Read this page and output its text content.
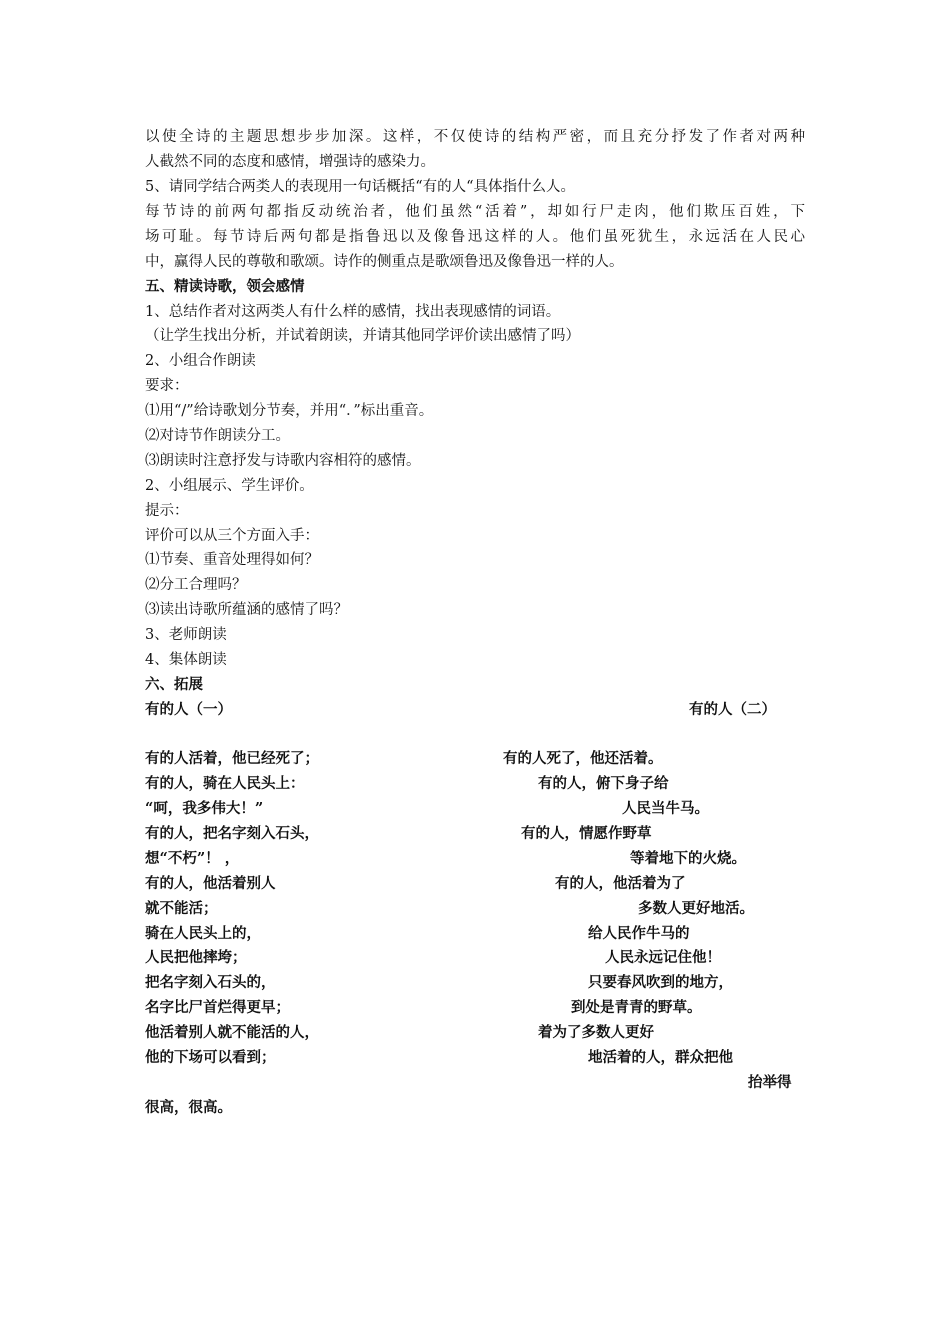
以使全诗的主题思想步步加深。这样，不仅使诗的结构严密，而且充分抒发了作者对两种
人截然不同的态度和感情，增强诗的感染力。
5、请同学结合两类人的表现用一句话概括“有的人“具体指什么人。
每节诗的前两句都指反动统治者，他们虽然“活着”，却如行尸走肉，他们欺压百姓，下
场可耻。每节诗后两句都是指鲁迅以及像鲁迅这样的人。他们虽死犹生，永远活在人民心
中，赢得人民的尊敬和歌颂。诗作的侧重点是歌颂鲁迅及像鲁迅一样的人。
五、精读诗歌，领会感情
1、总结作者对这两类人有什么样的感情，找出表现感情的词语。
（让学生找出分析，并试着朗读，并请其他同学评价读出感情了吗）
2、小组合作朗读
要求：
⑴用“/”给诗歌划分节奏，并用“．”标出重音。
⑵对诗节作朗读分工。
⑶朗读时注意抒发与诗歌内容相符的感情。
2、小组展示、学生评价。
提示：
评价可以从三个方面入手：
⑴节奏、重音处理得如何？
⑵分工合理吗？
⑶读出诗歌所蕴涵的感情了吗？
3、老师朗读
4、集体朗读
六、拓展
有的人（一）	有的人（二）
有的人活着，他已经死了；
有的人，骑在人民头上：
“呵，我多伟大！”
有的人，把名字刻入石头，
想“不朽”！ ，
有的人，他活着别人
就不能活；
骑在人民头上的，
人民把他摔垮；
把名字刻入石头的，
名字比尸首烂得更早；
他活着别人就不能活的人，
他的下场可以看到；
有的人死了，他还活着。
有的人，俯下身子给
人民当牛马。
有的人，情愿作野草
等着地下的火烧。
有的人，他活着为了
多数人更好地活。
给人民作牛马的
人民永远记住他！
只要春风吹到的地方，
到处是青青的野草。
着为了多数人更好
地活着的人，群众把他
抬举得
很高，很高。
